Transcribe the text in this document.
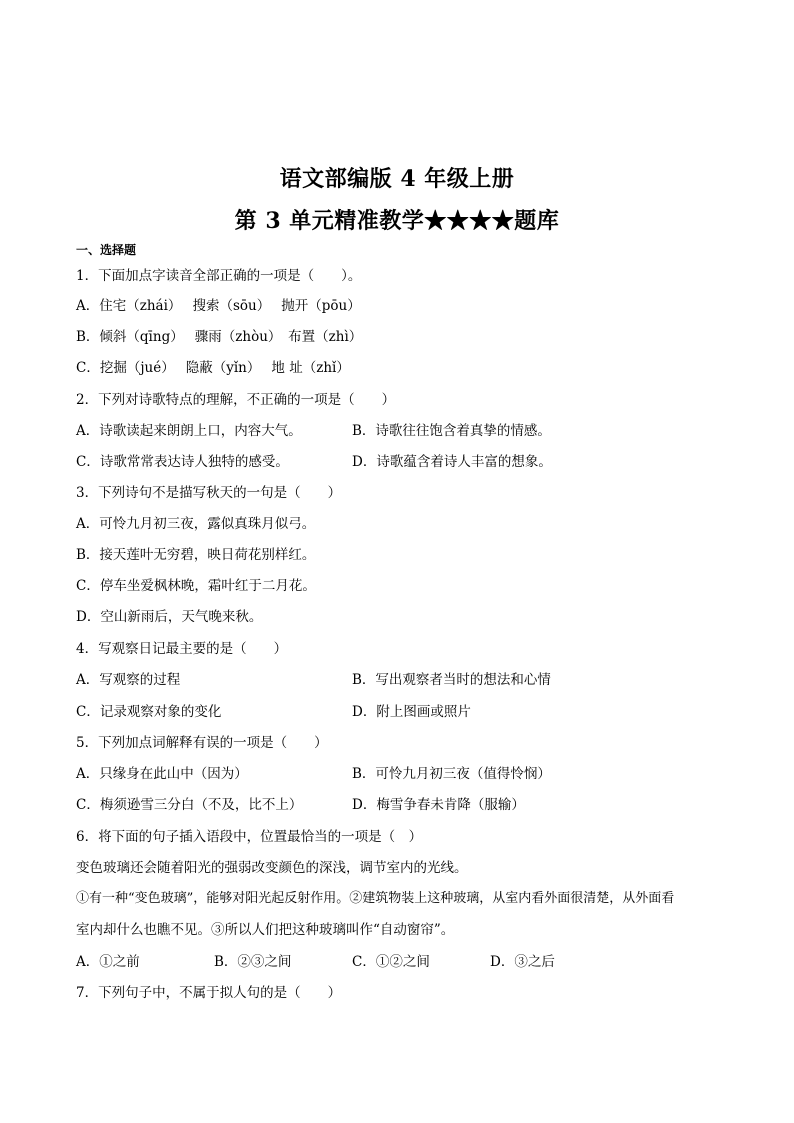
语文部编版 4 年级上册
第 3 单元精准教学★★★★题库
一、选择题
1．下面加点字读音全部正确的一项是（　　）。
A．住宅（zhái）　 搜索（sōu）　 抛开（pōu）
B．倾斜（qīng）　 骤雨（zhòu）　布置（zhì）
C．挖掘（jué）　 隐蔽（yǐn）　 地 址（zhǐ）
2．下列对诗歌特点的理解，不正确的一项是（　　）
A．诗歌读起来朗朗上口，内容大气。	B．诗歌往往饱含着真挚的情感。
C．诗歌常常表达诗人独特的感受。	D．诗歌蕴含着诗人丰富的想象。
3．下列诗句不是描写秋天的一句是（　　）
A．可怜九月初三夜，露似真珠月似弓。
B．接天莲叶无穷碧，映日荷花别样红。
C．停车坐爱枫林晚，霜叶红于二月花。
D．空山新雨后，天气晚来秋。
4．写观察日记最主要的是（　　）
A．写观察的过程	B．写出观察者当时的想法和心情
C．记录观察对象的变化	D．附上图画或照片
5．下列加点词解释有误的一项是（　　）
A．只缘身在此山中（因为）	B．可怜九月初三夜（值得怜悯）
C．梅须逊雪三分白（不及，比不上）	D．梅雪争春未肯降（服输）
6．将下面的句子插入语段中，位置最恰当的一项是（　）
变色玻璃还会随着阳光的强弱改变颜色的深浅，调节室内的光线。
①有一种“变色玻璃”，能够对阳光起反射作用。②建筑物装上这种玻璃，从室内看外面很清楚，从外面看
室内却什么也瞧不见。③所以人们把这种玻璃叫作“自动窗帘”。
A．①之前	B．②③之间	C．①②之间	D．③之后
7．下列句子中，不属于拟人句的是（　　）
